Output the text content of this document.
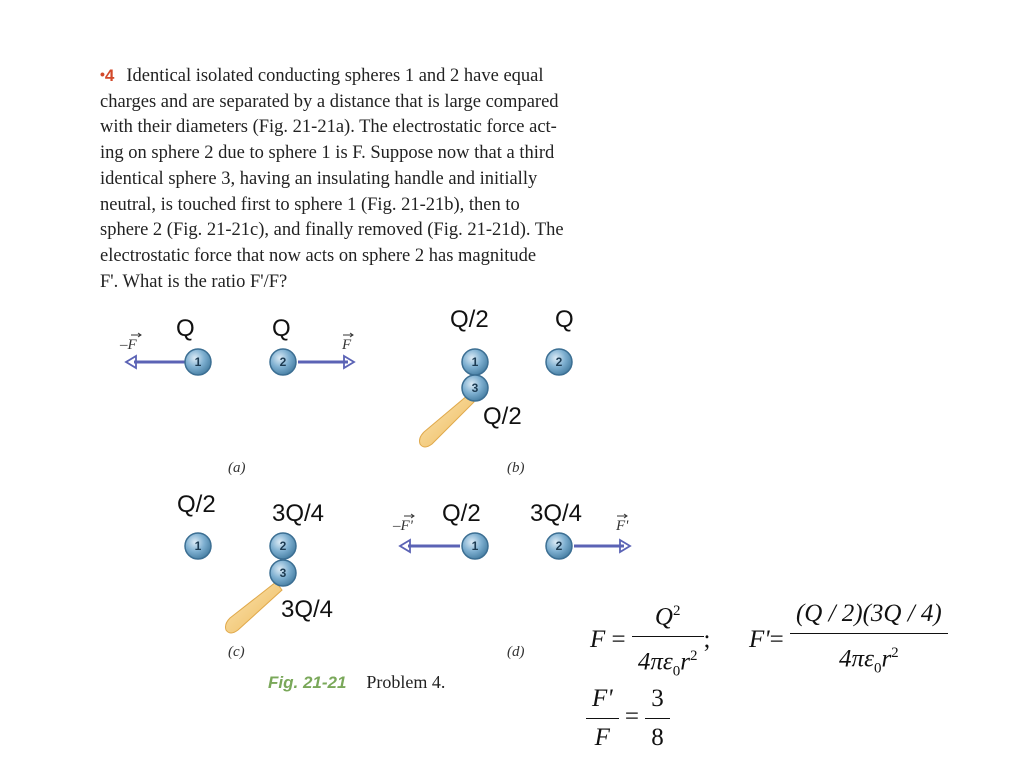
•4 Identical isolated conducting spheres 1 and 2 have equal
charges and are separated by a distance that is large compared
with their diameters (Fig. 21-21a). The electrostatic force act-
ing on sphere 2 due to sphere 1 is F. Suppose now that a third
identical sphere 3, having an insulating handle and initially
neutral, is touched first to sphere 1 (Fig. 21-21b), then to
sphere 2 (Fig. 21-21c), and finally removed (Fig. 21-21d). The
electrostatic force that now acts on sphere 2 has magnitude
F'. What is the ratio F'/F?
Q	Q	Q/2	Q
Q/2
Q/2 3Q/4
3Q/4
Q/2 3Q/4
–F	F
–F'	F'
1	2	1
3
2
1	2
3
1	2
(a)	(b)
(c)	(d)
Fig. 21-21 Problem 4.
$F = \frac{Q^2}{4\pi\varepsilon_0r^2}$ ; $F'= \frac{(Q / 2)(3Q / 4)}{4\pi\varepsilon_0r^2}$
$\frac{F'}{F} = \frac{3}{8}$
